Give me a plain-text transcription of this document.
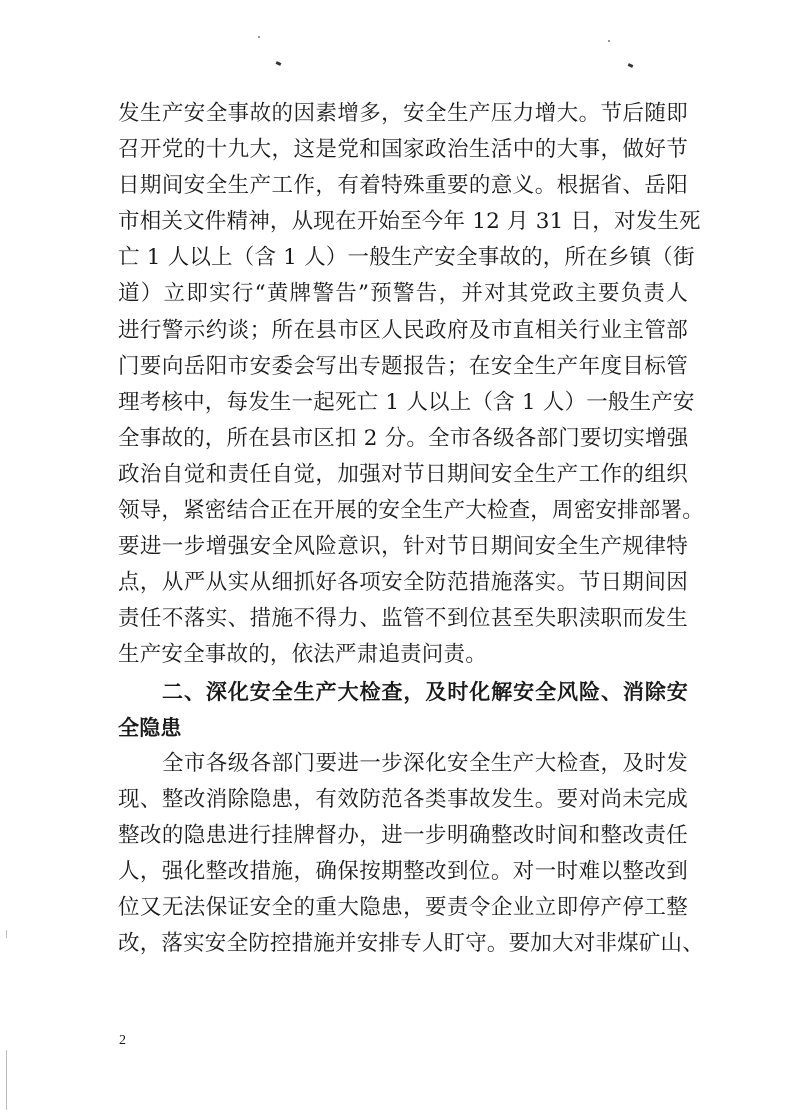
发生产安全事故的因素增多，安全生产压力增大。节后随即
召开党的十九大，这是党和国家政治生活中的大事，做好节
日期间安全生产工作，有着特殊重要的意义。根据省、岳阳
市相关文件精神，从现在开始至今年 12 月 31 日，对发生死
亡 1 人以上（含 1 人）一般生产安全事故的，所在乡镇（街
道）立即实行“黄牌警告”预警告，并对其党政主要负责人
进行警示约谈；所在县市区人民政府及市直相关行业主管部
门要向岳阳市安委会写出专题报告；在安全生产年度目标管
理考核中，每发生一起死亡 1 人以上（含 1 人）一般生产安
全事故的，所在县市区扣 2 分。全市各级各部门要切实增强
政治自觉和责任自觉，加强对节日期间安全生产工作的组织
领导，紧密结合正在开展的安全生产大检查，周密安排部署。
要进一步增强安全风险意识，针对节日期间安全生产规律特
点，从严从实从细抓好各项安全防范措施落实。节日期间因
责任不落实、措施不得力、监管不到位甚至失职渎职而发生
生产安全事故的，依法严肃追责问责。
二、深化安全生产大检查，及时化解安全风险、消除安
全隐患
全市各级各部门要进一步深化安全生产大检查，及时发
现、整改消除隐患，有效防范各类事故发生。要对尚未完成
整改的隐患进行挂牌督办，进一步明确整改时间和整改责任
人，强化整改措施，确保按期整改到位。对一时难以整改到
位又无法保证安全的重大隐患，要责令企业立即停产停工整
改，落实安全防控措施并安排专人盯守。要加大对非煤矿山、
2
